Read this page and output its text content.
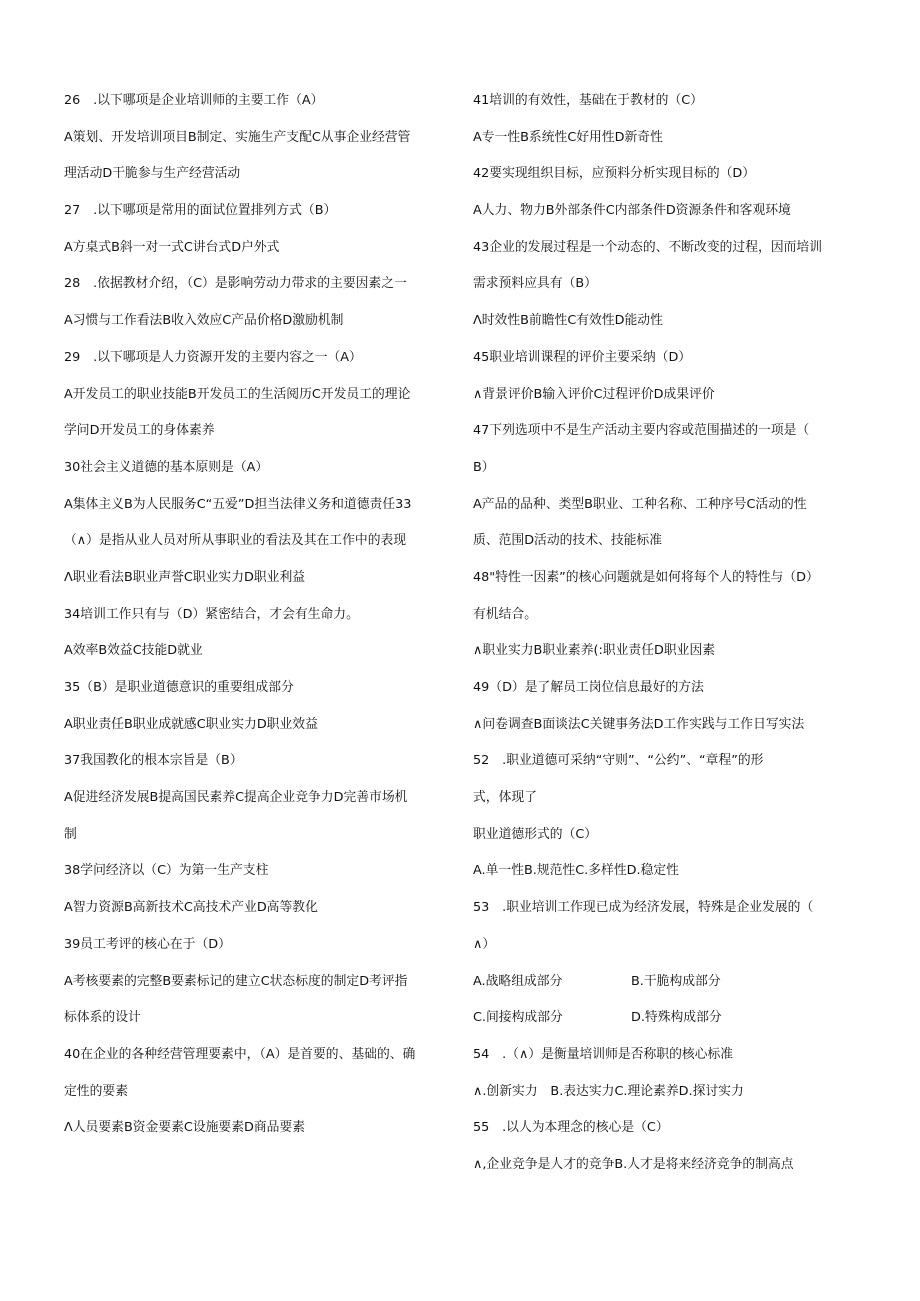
26　.以下哪项是企业培训师的主要工作（A）
A策划、开发培训项目B制定、实施生产支配C从事企业经营管
理活动D干脆参与生产经营活动
27　.以下哪项是常用的面试位置排列方式（B）
A方桌式B斜一对一式C讲台式D户外式
28　.依据教材介绍，（C）是影响劳动力带求的主要因素之一
A习惯与工作看法B收入效应C产品价格D激励机制
29　.以下哪项是人力资源开发的主要内容之一（A）
A开发员工的职业技能B开发员工的生活阅历C开发员工的理论
学问D开发员工的身体素养
30社会主义道德的基本原则是（A）
A集体主义B为人民服务C“五爱”D担当法律义务和道德责任33
（∧）是指从业人员对所从事职业的看法及其在工作中的表现
Λ职业看法B职业声誉C职业实力D职业利益
34培训工作只有与（D）紧密结合，才会有生命力。
A效率B效益C技能D就业
35（B）是职业道德意识的重要组成部分
A职业责任B职业成就感C职业实力D职业效益
37我国教化的根本宗旨是（B）
A促进经济发展B提高国民素养C提高企业竞争力D完善市场机
制
38学问经济以（C）为第一生产支柱
A智力资源B高新技术C高技术产业D高等教化
39员工考评的核心在于（D）
A考核要素的完整B要素标记的建立C状态标度的制定D考评指
标体系的设计
40在企业的各种经营管理要素中，（A）是首要的、基础的、确
定性的要素
Λ人员要素B资金要素C设施要素D商品要素
41培训的有效性，基础在于教材的（C）
A专一性B系统性C好用性D新奇性
42要实现组织目标，应预料分析实现目标的（D）
A人力、物力B外部条件C内部条件D资源条件和客观环境
43企业的发展过程是一个动态的、不断改变的过程，因而培训
需求预料应具有（B）
Λ时效性B前瞻性C有效性D能动性
45职业培训课程的评价主要采纳（D）
∧背景评价B输入评价C过程评价D成果评价
47下列选项中不是生产活动主要内容或范围描述的一项是（
B）
A产品的品种、类型B职业、工种名称、工种序号C活动的性
质、范围D活动的技术、技能标准
48"特性一因素”的核心问题就是如何将每个人的特性与（D）
有机结合。
∧职业实力B职业素养(:职业责任D职业因素
49（D）是了解员工岗位信息最好的方法
∧问卷调查B面谈法C关键事务法D工作实践与工作日写实法
52　.职业道德可采纳“守则”、“公约”、“章程”的形
式，体现了
职业道德形式的（C）
A.单一性B.规范性C.多样性D.稳定性
53　.职业培训工作现已成为经济发展，特殊是企业发展的（
∧）
A.战略组成部分	B.干脆构成部分
C.间接构成部分	D.特殊构成部分
54　.（∧）是衡量培训师是否称职的核心标准
∧.创新实力　B.表达实力C.理论素养D.探讨实力
55　.以人为本理念的核心是（C）
∧,企业竞争是人才的竞争B.人才是将来经济竞争的制高点
